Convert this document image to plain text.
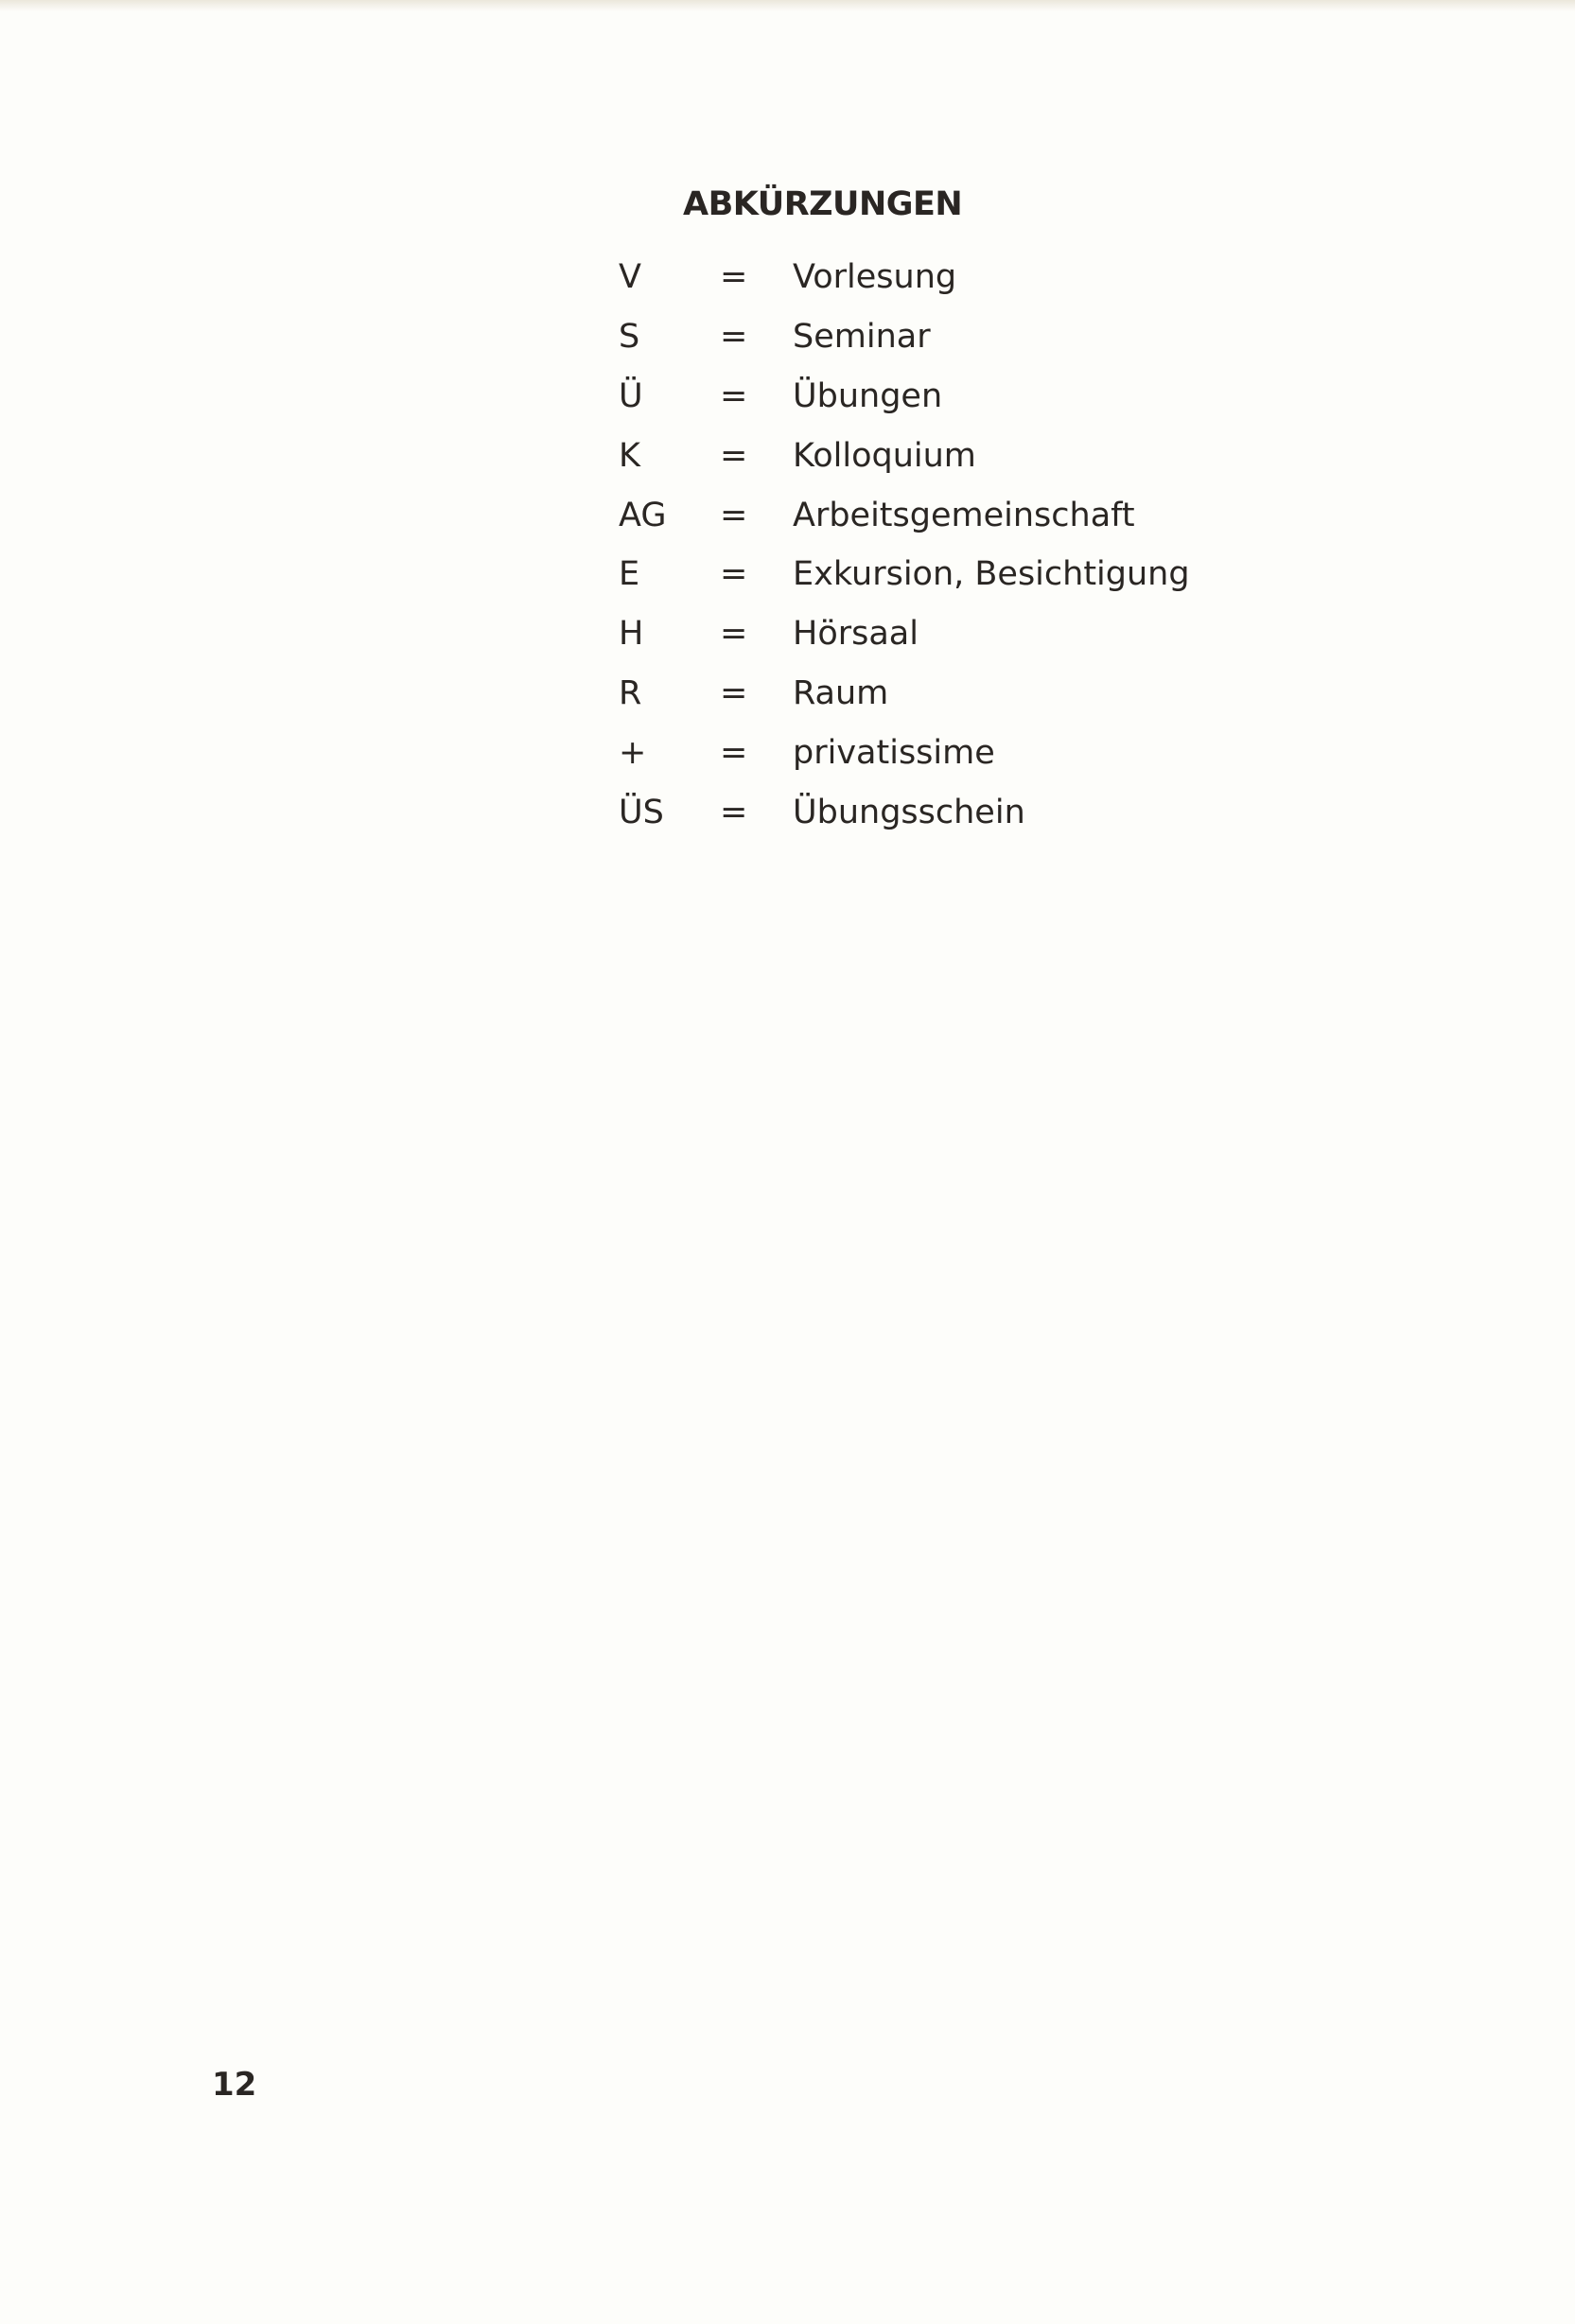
ABKÜRZUNGEN
V = Vorlesung
S = Seminar
Ü = Übungen
K = Kolloquium
AG = Arbeitsgemeinschaft
E = Exkursion, Besichtigung
H = Hörsaal
R = Raum
+ = privatissime
ÜS = Übungsschein
12
